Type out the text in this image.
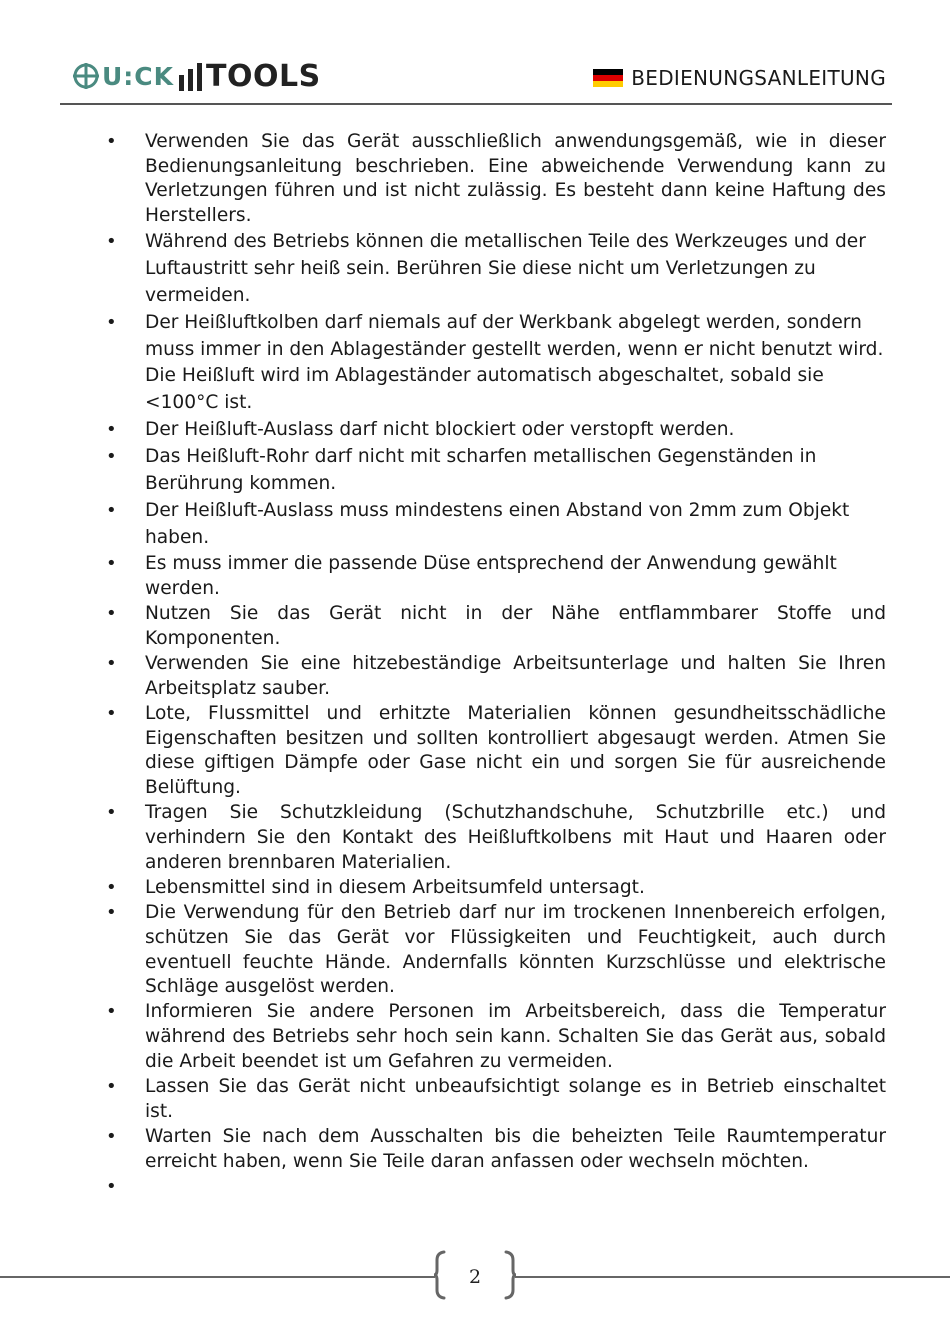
U:CK TOOLS	BEDIENUNGSANLEITUNG
• Verwenden Sie das Gerät ausschließlich anwendungsgemäß, wie in dieser Bedienungsanleitung beschrieben. Eine abweichende Verwendung kann zu Verletzungen führen und ist nicht zulässig. Es besteht dann keine Haftung des Herstellers.
• Während des Betriebs können die metallischen Teile des Werkzeuges und der Luftaustritt sehr heiß sein. Berühren Sie diese nicht um Verletzungen zu vermeiden.
• Der Heißluftkolben darf niemals auf der Werkbank abgelegt werden, sondern muss immer in den Ablageständer gestellt werden, wenn er nicht benutzt wird. Die Heißluft wird im Ablageständer automatisch abgeschaltet, sobald sie <100°C ist.
• Der Heißluft-Auslass darf nicht blockiert oder verstopft werden.
• Das Heißluft-Rohr darf nicht mit scharfen metallischen Gegenständen in Berührung kommen.
• Der Heißluft-Auslass muss mindestens einen Abstand von 2mm zum Objekt haben.
• Es muss immer die passende Düse entsprechend der Anwendung gewählt werden.
• Nutzen Sie das Gerät nicht in der Nähe entflammbarer Stoffe und Komponenten.
• Verwenden Sie eine hitzebeständige Arbeitsunterlage und halten Sie Ihren Arbeitsplatz sauber.
• Lote, Flussmittel und erhitzte Materialien können gesundheitsschädliche Eigenschaften besitzen und sollten kontrolliert abgesaugt werden. Atmen Sie diese giftigen Dämpfe oder Gase nicht ein und sorgen Sie für ausreichende Belüftung.
• Tragen Sie Schutzkleidung (Schutzhandschuhe, Schutzbrille etc.) und verhindern Sie den Kontakt des Heißluftkolbens mit Haut und Haaren oder anderen brennbaren Materialien.
• Lebensmittel sind in diesem Arbeitsumfeld untersagt.
• Die Verwendung für den Betrieb darf nur im trockenen Innenbereich erfolgen, schützen Sie das Gerät vor Flüssigkeiten und Feuchtigkeit, auch durch eventuell feuchte Hände. Andernfalls könnten Kurzschlüsse und elektrische Schläge ausgelöst werden.
• Informieren Sie andere Personen im Arbeitsbereich, dass die Temperatur während des Betriebs sehr hoch sein kann. Schalten Sie das Gerät aus, sobald die Arbeit beendet ist um Gefahren zu vermeiden.
• Lassen Sie das Gerät nicht unbeaufsichtigt solange es in Betrieb einschaltet ist.
• Warten Sie nach dem Ausschalten bis die beheizten Teile Raumtemperatur erreicht haben, wenn Sie Teile daran anfassen oder wechseln möchten.
•
2
